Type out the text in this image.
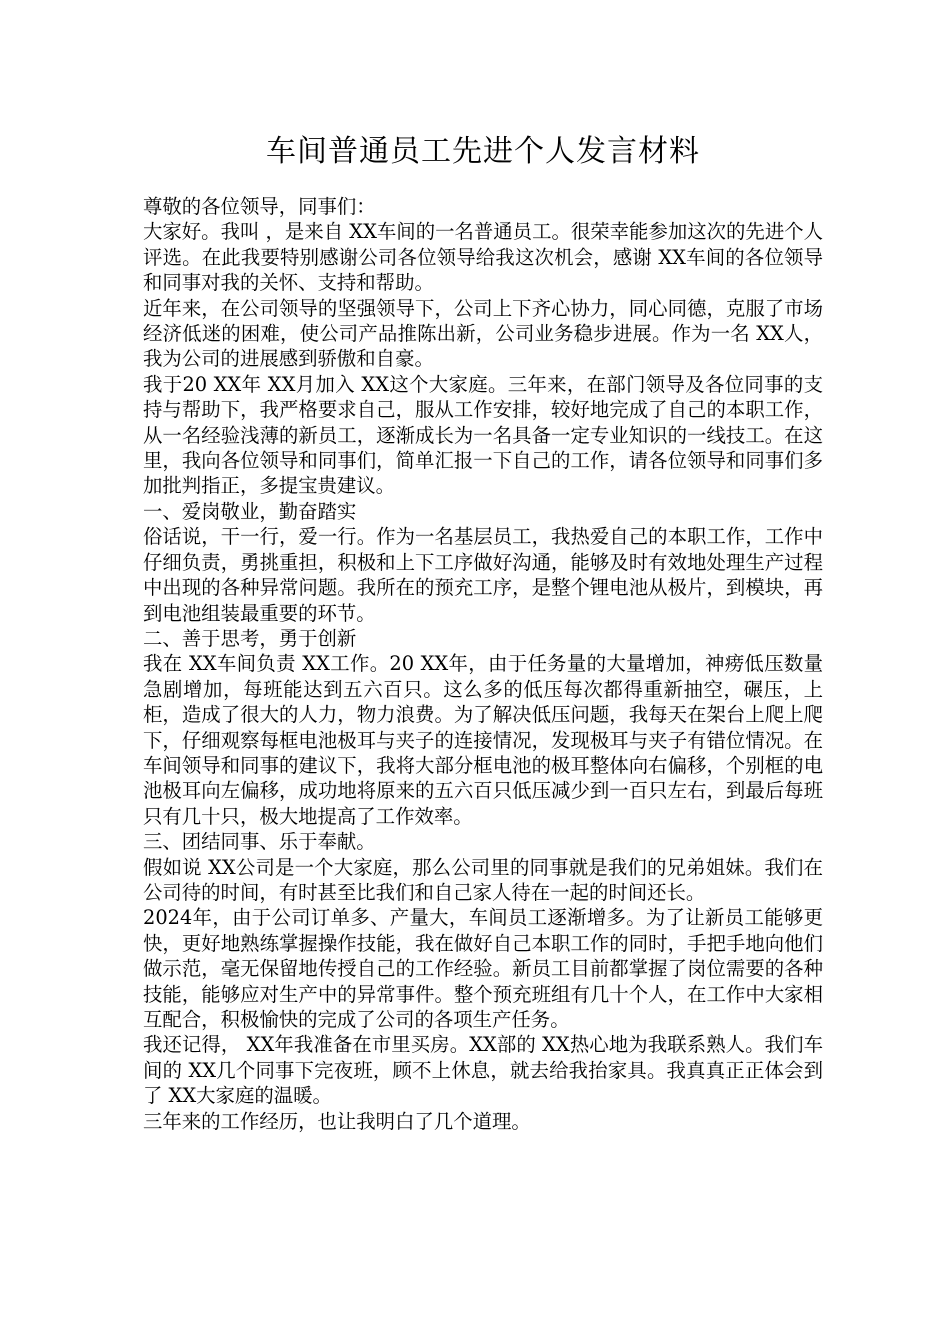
车间普通员工先进个人发言材料

尊敬的各位领导，同事们：

大家好。我叫 ，是来自 XX车间的一名普通员工。很荣幸能参加这次的先进个人评选。在此我要特别感谢公司各位领导给我这次机会，感谢 XX车间的各位领导和同事对我的关怀、支持和帮助。

近年来，在公司领导的坚强领导下，公司上下齐心协力，同心同德，克服了市场经济低迷的困难，使公司产品推陈出新，公司业务稳步进展。作为一名 XX人，我为公司的进展感到骄傲和自豪。

我于20 XX年 XX月加入 XX这个大家庭。三年来，在部门领导及各位同事的支持与帮助下，我严格要求自己，服从工作安排，较好地完成了自己的本职工作，从一名经验浅薄的新员工，逐渐成长为一名具备一定专业知识的一线技工。在这里，我向各位领导和同事们，简单汇报一下自己的工作，请各位领导和同事们多加批判指正，多提宝贵建议。

一、爱岗敬业，勤奋踏实

俗话说，干一行，爱一行。作为一名基层员工，我热爱自己的本职工作，工作中仔细负责，勇挑重担，积极和上下工序做好沟通，能够及时有效地处理生产过程中出现的各种异常问题。我所在的预充工序，是整个锂电池从极片，到模块，再到电池组装最重要的环节。

二、善于思考，勇于创新

我在 XX车间负责 XX工作。20 XX年，由于任务量的大量增加，神痨低压数量急剧增加，每班能达到五六百只。这么多的低压每次都得重新抽空，碾压，上柜，造成了很大的人力，物力浪费。为了解决低压问题，我每天在架台上爬上爬下，仔细观察每框电池极耳与夹子的连接情况，发现极耳与夹子有错位情况。在车间领导和同事的建议下，我将大部分框电池的极耳整体向右偏移，个别框的电池极耳向左偏移，成功地将原来的五六百只低压减少到一百只左右，到最后每班只有几十只，极大地提高了工作效率。

三、团结同事、乐于奉献。

假如说 XX公司是一个大家庭，那么公司里的同事就是我们的兄弟姐妹。我们在公司待的时间，有时甚至比我们和自己家人待在一起的时间还长。

2024年，由于公司订单多、产量大，车间员工逐渐增多。为了让新员工能够更快，更好地熟练掌握操作技能，我在做好自己本职工作的同时，手把手地向他们做示范，毫无保留地传授自己的工作经验。新员工目前都掌握了岗位需要的各种技能，能够应对生产中的异常事件。整个预充班组有几十个人，在工作中大家相互配合，积极愉快的完成了公司的各项生产任务。

我还记得， XX年我准备在市里买房。XX部的 XX热心地为我联系熟人。我们车间的 XX几个同事下完夜班，顾不上休息，就去给我抬家具。我真真正正体会到了 XX大家庭的温暖。

三年来的工作经历，也让我明白了几个道理。
